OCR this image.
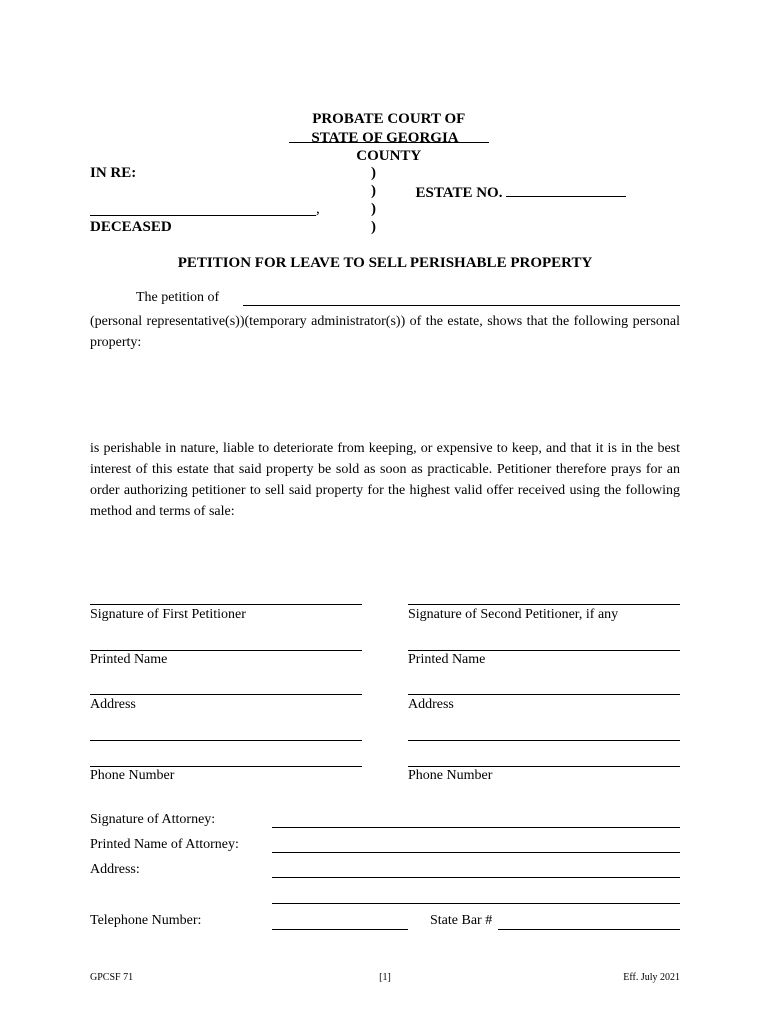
PROBATE COURT OF

COUNTY

STATE OF GEORGIA
IN RE:	)
)
)
)

ESTATE NO.

,
DECEASED
PETITION FOR LEAVE TO SELL PERISHABLE PROPERTY
The petition of
(personal representative(s))(temporary administrator(s)) of the estate, shows that the following personal property:
is perishable in nature, liable to deteriorate from keeping, or expensive to keep, and that it is in the best interest of this estate that said property be sold as soon as practicable. Petitioner therefore prays for an order authorizing petitioner to sell said property for the highest valid offer received using the following method and terms of sale:
Signature of First Petitioner	Signature of Second Petitioner, if any
Printed Name	Printed Name
Address	Address
Phone Number	Phone Number
Signature of Attorney:
Printed Name of Attorney:
Address:
Telephone Number:	State Bar #
GPCSF 71	[1]	Eff. July 2021
